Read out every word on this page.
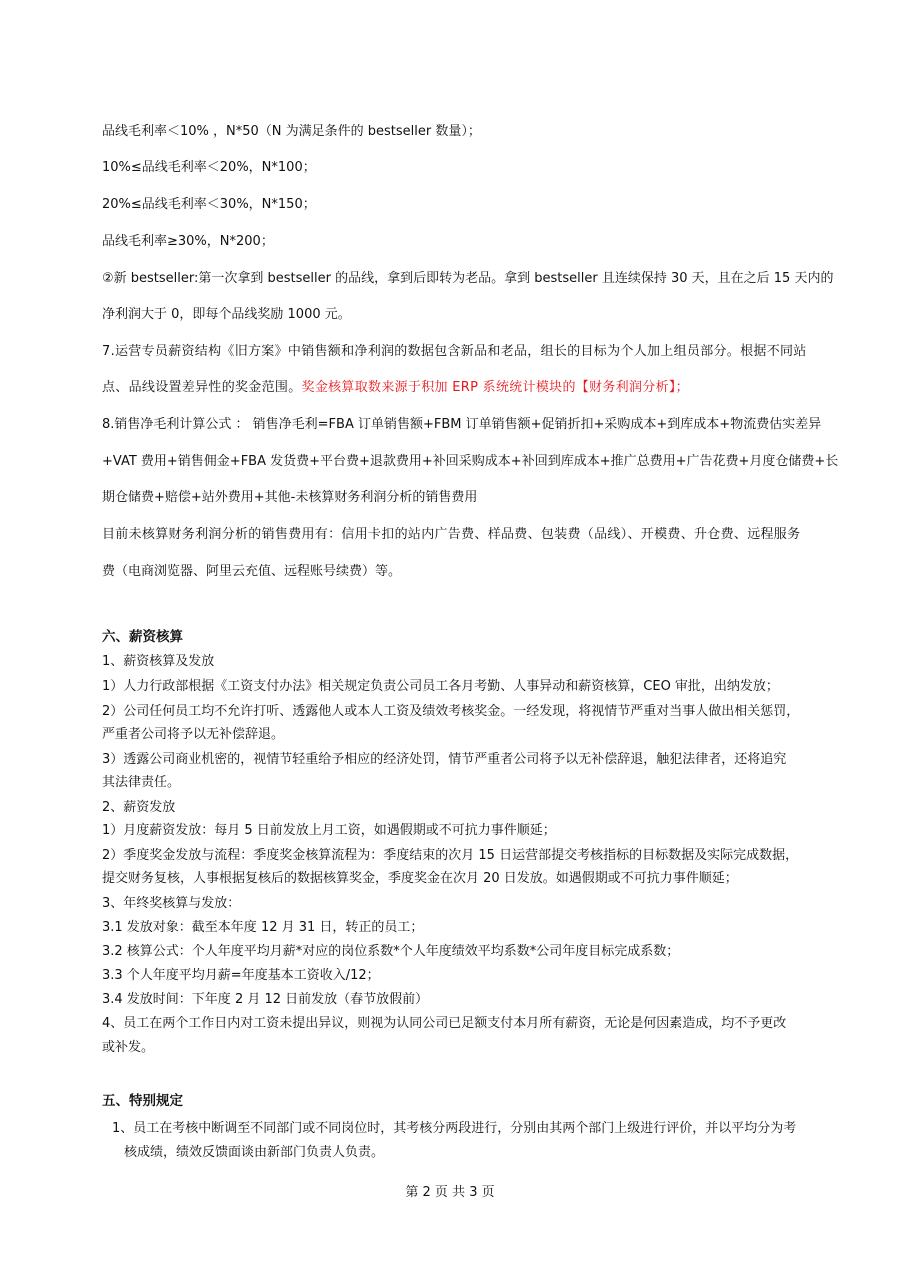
品线毛利率＜10% ，N*50（N 为满足条件的 bestseller 数量）；
10%≤品线毛利率＜20%，N*100；
20%≤品线毛利率＜30%，N*150；
品线毛利率≥30%，N*200；
②新 bestseller:第一次拿到 bestseller 的品线，拿到后即转为老品。拿到 bestseller 且连续保持 30 天，且在之后 15 天内的
净利润大于 0，即每个品线奖励 1000 元。
7.运营专员薪资结构《旧方案》中销售额和净利润的数据包含新品和老品，组长的目标为个人加上组员部分。根据不同站
点、品线设置差异性的奖金范围。奖金核算取数来源于积加 ERP 系统统计模块的【财务利润分析】；
8.销售净毛利计算公式 ： 销售净毛利=FBA 订单销售额+FBM 订单销售额+促销折扣+采购成本+到库成本+物流费估实差异
+VAT 费用+销售佣金+FBA 发货费+平台费+退款费用+补回采购成本+补回到库成本+推广总费用+广告花费+月度仓储费+长
期仓储费+赔偿+站外费用+其他-未核算财务利润分析的销售费用
目前未核算财务利润分析的销售费用有：信用卡扣的站内广告费、样品费、包装费（品线）、开模费、升仓费、远程服务
费（电商浏览器、阿里云充值、远程账号续费）等。
六、薪资核算
1、薪资核算及发放
1）人力行政部根据《工资支付办法》相关规定负责公司员工各月考勤、人事异动和薪资核算，CEO 审批，出纳发放；
2）公司任何员工均不允许打听、透露他人或本人工资及绩效考核奖金。一经发现，将视情节严重对当事人做出相关惩罚，
严重者公司将予以无补偿辞退。
3）透露公司商业机密的，视情节轻重给予相应的经济处罚，情节严重者公司将予以无补偿辞退，触犯法律者，还将追究
其法律责任。
2、薪资发放
1）月度薪资发放：每月 5 日前发放上月工资，如遇假期或不可抗力事件顺延；
2）季度奖金发放与流程：季度奖金核算流程为：季度结束的次月 15 日运营部提交考核指标的目标数据及实际完成数据，
提交财务复核，人事根据复核后的数据核算奖金，季度奖金在次月 20 日发放。如遇假期或不可抗力事件顺延；
3、年终奖核算与发放：
3.1 发放对象：截至本年度 12 月 31 日，转正的员工；
3.2 核算公式：个人年度平均月薪*对应的岗位系数*个人年度绩效平均系数*公司年度目标完成系数；
3.3 个人年度平均月薪=年度基本工资收入/12；
3.4 发放时间：下年度 2 月 12 日前发放（春节放假前）
4、员工在两个工作日内对工资未提出异议，则视为认同公司已足额支付本月所有薪资，无论是何因素造成，均不予更改
或补发。
五、特别规定
1、员工在考核中断调至不同部门或不同岗位时，其考核分两段进行，分别由其两个部门上级进行评价，并以平均分为考
核成绩，绩效反馈面谈由新部门负责人负责。
第 2 页 共 3 页
